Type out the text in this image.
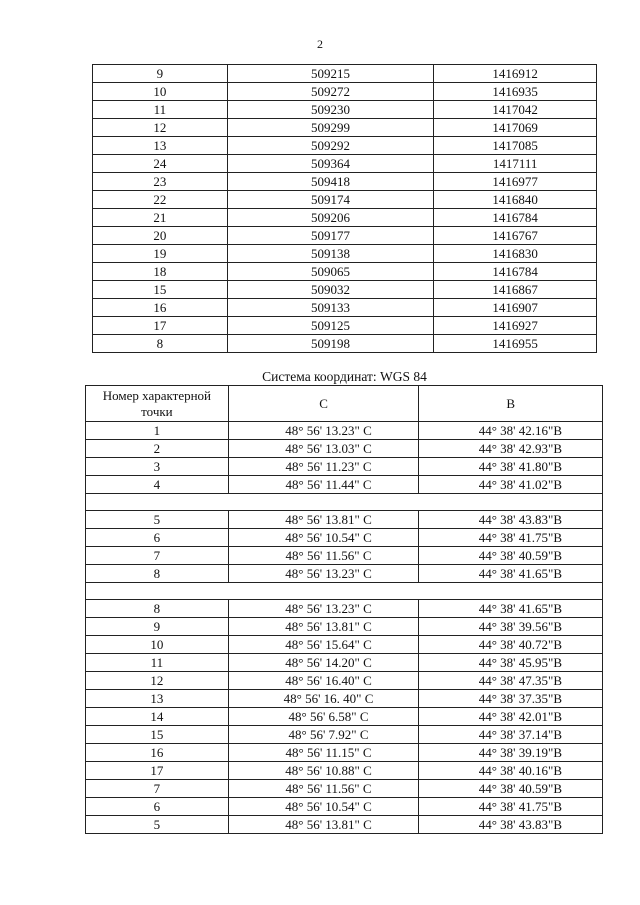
2
9	509215	1416912
10	509272	1416935
11	509230	1417042
12	509299	1417069
13	509292	1417085
24	509364	1417111
23	509418	1416977
22	509174	1416840
21	509206	1416784
20	509177	1416767
19	509138	1416830
18	509065	1416784
15	509032	1416867
16	509133	1416907
17	509125	1416927
8	509198	1416955
Система координат: WGS 84
Номер характерной точки	С	В
1	48° 56' 13.23" С	44° 38' 42.16"В
2	48° 56' 13.03" С	44° 38' 42.93"В
3	48° 56' 11.23" С	44° 38' 41.80"В
4	48° 56' 11.44" С	44° 38' 41.02"В

5	48° 56' 13.81" С	44° 38' 43.83"В
6	48° 56' 10.54" С	44° 38' 41.75"В
7	48° 56' 11.56" С	44° 38' 40.59"В
8	48° 56' 13.23" С	44° 38' 41.65"В

8	48° 56' 13.23" С	44° 38' 41.65"В
9	48° 56' 13.81" С	44° 38' 39.56"В
10	48° 56' 15.64" С	44° 38' 40.72"В
11	48° 56' 14.20" С	44° 38' 45.95"В
12	48° 56' 16.40" С	44° 38' 47.35"В
13	48° 56' 16. 40" С	44° 38' 37.35"В
14	48° 56' 6.58" С	44° 38' 42.01"В
15	48° 56' 7.92" С	44° 38' 37.14"В
16	48° 56' 11.15" С	44° 38' 39.19"В
17	48° 56' 10.88" С	44° 38' 40.16"В
7	48° 56' 11.56" С	44° 38' 40.59"В
6	48° 56' 10.54" С	44° 38' 41.75"В
5	48° 56' 13.81" С	44° 38' 43.83"В
